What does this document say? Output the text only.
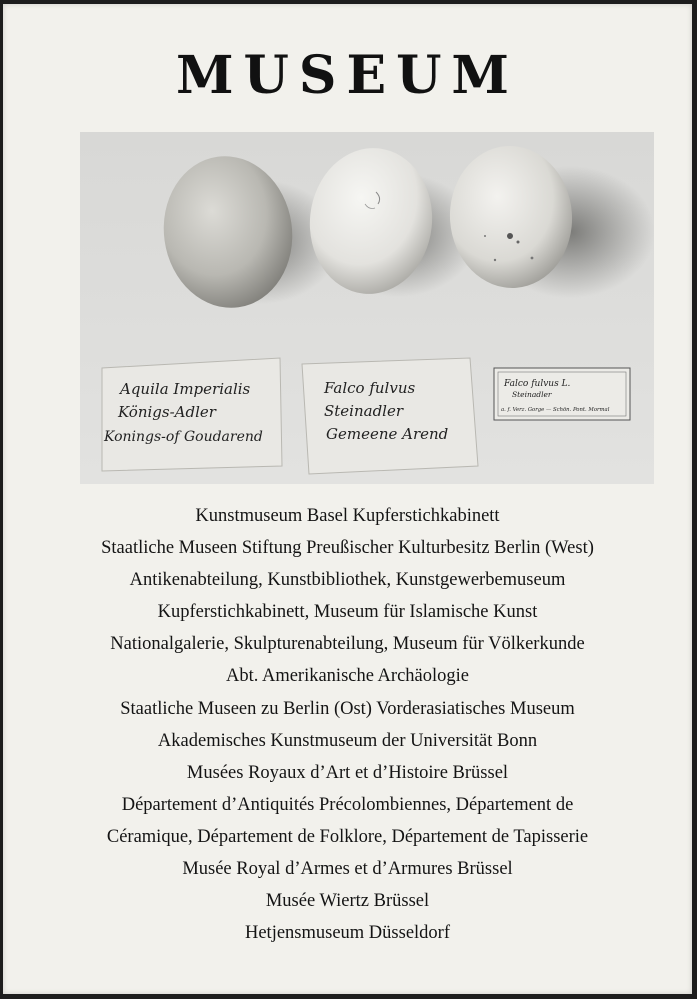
MUSEUM
Aquila Imperialis
Königs-Adler
Konings-of Goudarend
Falco fulvus
Steinadler
Gemeene Arend
Falco fulvus L.
Steinadler
a. f. Verz. Gorge — Schön. Pont. Mormal
Kunstmuseum Basel Kupferstichkabinett
Staatliche Museen Stiftung Preußischer Kulturbesitz Berlin (West)
Antikenabteilung, Kunstbibliothek, Kunstgewerbemuseum
Kupferstichkabinett, Museum für Islamische Kunst
Nationalgalerie, Skulpturenabteilung, Museum für Völkerkunde
Abt. Amerikanische Archäologie
Staatliche Museen zu Berlin (Ost) Vorderasiatisches Museum
Akademisches Kunstmuseum der Universität Bonn
Musées Royaux d’Art et d’Histoire Brüssel
Département d’Antiquités Précolombiennes, Département de
Céramique, Département de Folklore, Département de Tapisserie
Musée Royal d’Armes et d’Armures Brüssel
Musée Wiertz Brüssel
Hetjensmuseum Düsseldorf
